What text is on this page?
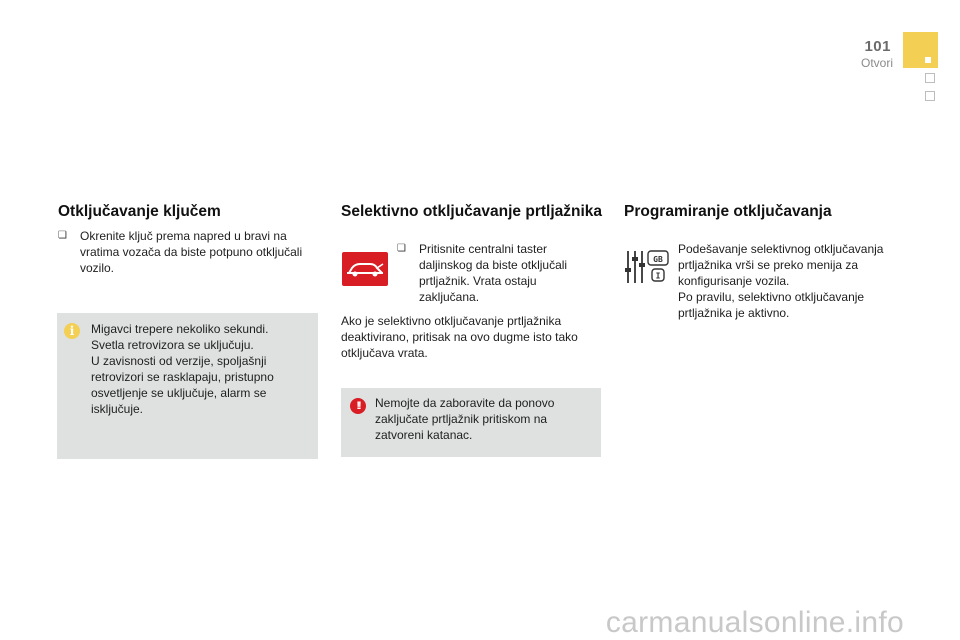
101
Otvori
Otključavanje ključem
❏	Okrenite ključ prema napred u bravi na vratima vozača da biste potpuno otključali vozilo.
i	Migavci trepere nekoliko sekundi.
Svetla retrovizora se uključuju.
U zavisnosti od verzije, spoljašnji
retrovizori se rasklapaju, pristupno
osvetljenje se uključuje, alarm se
isključuje.
Selektivno otključavanje prtljažnika
❏	Pritisnite centralni taster daljinskog da biste otključali prtljažnik. Vrata ostaju zaključana.
Ako je selektivno otključavanje prtljažnika deaktivirano, pritisak na ovo dugme isto tako otključava vrata.
!!	Nemojte da zaboravite da ponovo zaključate prtljažnik pritiskom na zatvoreni katanac.
Programiranje otključavanja
GB
I
Podešavanje selektivnog otključavanja prtljažnika vrši se preko menija za konfigurisanje vozila.
Po pravilu, selektivno otključavanje prtljažnika je aktivno.
carmanualsonline.info
